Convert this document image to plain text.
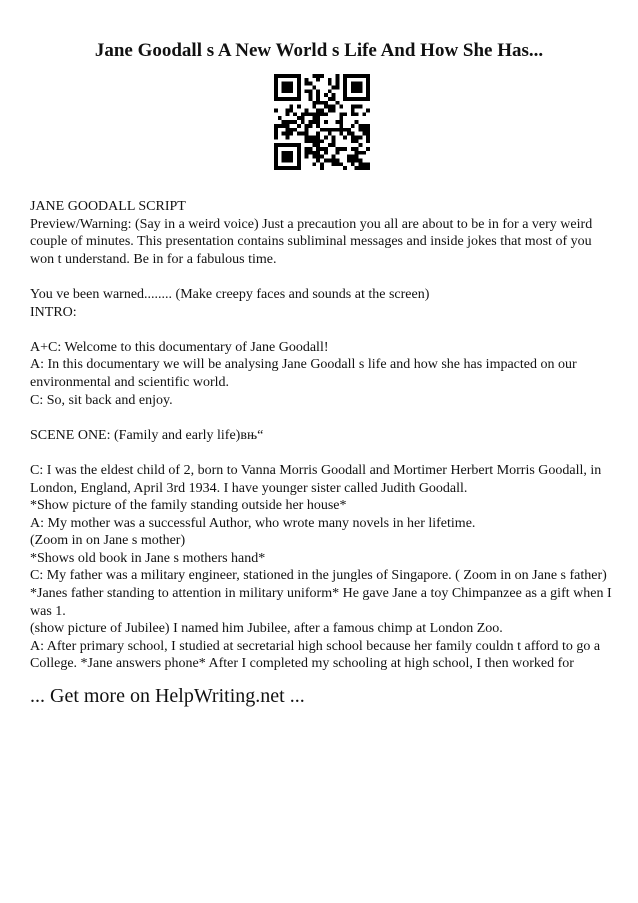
Jane Goodall s A New World s Life And How She Has...

JANE GOODALL SCRIPT
Preview/Warning: (Say in a weird voice) Just a precaution you all are about to be in for a very weird couple of minutes. This presentation contains subliminal messages and inside jokes that most of you won t understand. Be in for a fabulous time.

You ve been warned........ (Make creepy faces and sounds at the screen)
INTRO:

A+C: Welcome to this documentary of Jane Goodall!
A: In this documentary we will be analysing Jane Goodall s life and how she has impacted on our environmental and scientific world.
C: So, sit back and enjoy.

SCENE ONE: (Family and early life)вњ“

C: I was the eldest child of 2, born to Vanna Morris Goodall and Mortimer Herbert Morris Goodall, in London, England, April 3rd 1934. I have younger sister called Judith Goodall.
*Show picture of the family standing outside her house*
A: My mother was a successful Author, who wrote many novels in her lifetime.
(Zoom in on Jane s mother)
*Shows old book in Jane s mothers hand*
C: My father was a military engineer, stationed in the jungles of Singapore. ( Zoom in on Jane s father) *Janes father standing to attention in military uniform* He gave Jane a toy Chimpanzee as a gift when I was 1.
(show picture of Jubilee) I named him Jubilee, after a famous chimp at London Zoo.
A: After primary school, I studied at secretarial high school because her family couldn t afford to go a College. *Jane answers phone* After I completed my schooling at high school, I then worked for

... Get more on HelpWriting.net ...
